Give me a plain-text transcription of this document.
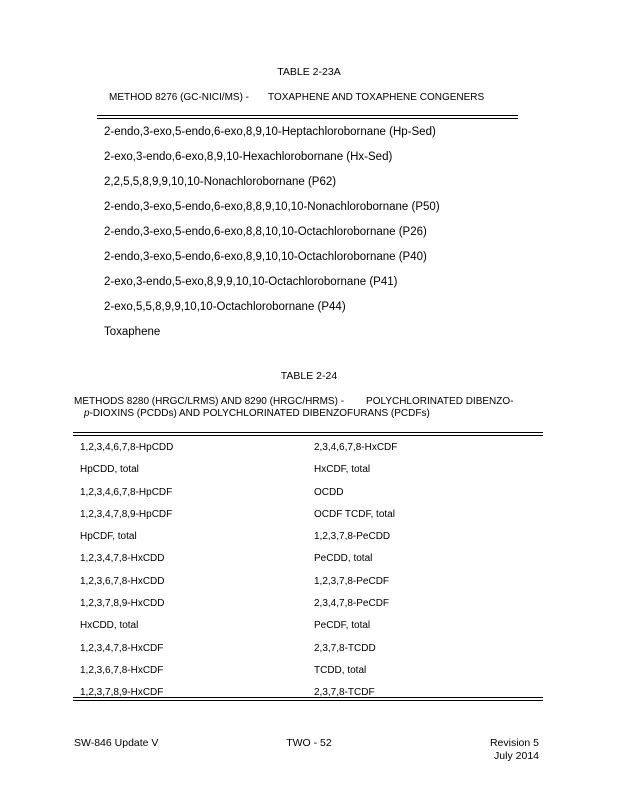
TABLE 2-23A
METHOD 8276 (GC-NICI/MS) - TOXAPHENE AND TOXAPHENE CONGENERS
2-endo,3-exo,5-endo,6-exo,8,9,10-Heptachlorobornane (Hp-Sed)
2-exo,3-endo,6-exo,8,9,10-Hexachlorobornane (Hx-Sed)
2,2,5,5,8,9,9,10,10-Nonachlorobornane (P62)
2-endo,3-exo,5-endo,6-exo,8,8,9,10,10-Nonachlorobornane (P50)
2-endo,3-exo,5-endo,6-exo,8,8,10,10-Octachlorobornane (P26)
2-endo,3-exo,5-endo,6-exo,8,9,10,10-Octachlorobornane (P40)
2-exo,3-endo,5-exo,8,9,9,10,10-Octachlorobornane (P41)
2-exo,5,5,8,9,9,10,10-Octachlorobornane (P44)
Toxaphene
TABLE 2-24
METHODS 8280 (HRGC/LRMS) AND 8290 (HRGC/HRMS) - POLYCHLORINATED DIBENZO-
p-DIOXINS (PCDDs) AND POLYCHLORINATED DIBENZOFURANS (PCDFs)
1,2,3,4,6,7,8-HpCDD	2,3,4,6,7,8-HxCDF
HpCDD, total	HxCDF, total
1,2,3,4,6,7,8-HpCDF	OCDD
1,2,3,4,7,8,9-HpCDF	OCDF TCDF, total
HpCDF, total	1,2,3,7,8-PeCDD
1,2,3,4,7,8-HxCDD	PeCDD, total
1,2,3,6,7,8-HxCDD	1,2,3,7,8-PeCDF
1,2,3,7,8,9-HxCDD	2,3,4,7,8-PeCDF
HxCDD, total	PeCDF, total
1,2,3,4,7,8-HxCDF	2,3,7,8-TCDD
1,2,3,6,7,8-HxCDF	TCDD, total
1,2,3,7,8,9-HxCDF	2,3,7,8-TCDF
SW-846 Update V	TWO - 52	Revision 5
July 2014
